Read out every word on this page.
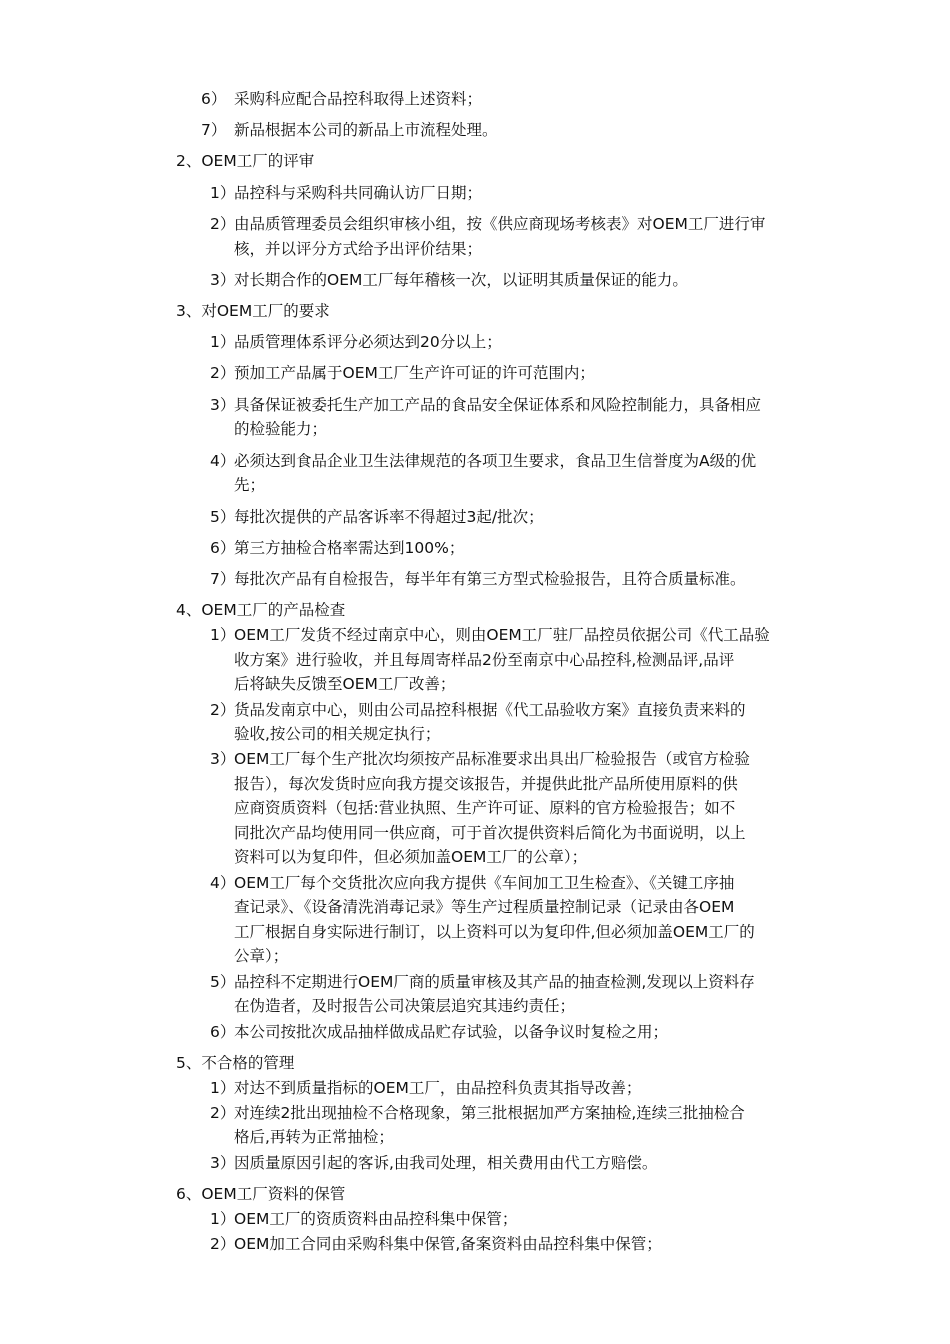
6） 采购科应配合品控科取得上述资料；
7） 新品根据本公司的新品上市流程处理。
2、OEM工厂的评审
1）
品控科与采购科共同确认访厂日期；
2）
由品质管理委员会组织审核小组，按《供应商现场考核表》对OEM工厂进行审
核，并以评分方式给予出评价结果；
3）
对长期合作的OEM工厂每年稽核一次，以证明其质量保证的能力。
3、对OEM工厂的要求
1）
品质管理体系评分必须达到20分以上；
2）
预加工产品属于OEM工厂生产许可证的许可范围内；
3）
具备保证被委托生产加工产品的食品安全保证体系和风险控制能力，具备相应
的检验能力；
4）
必须达到食品企业卫生法律规范的各项卫生要求，食品卫生信誉度为A级的优
先；
5）
每批次提供的产品客诉率不得超过3起/批次；
6）
第三方抽检合格率需达到100%；
7）
每批次产品有自检报告，每半年有第三方型式检验报告，且符合质量标准。
4、OEM工厂的产品检查
1）
OEM工厂发货不经过南京中心，则由OEM工厂驻厂品控员依据公司《代工品验
收方案》进行验收，并且每周寄样品2份至南京中心品控科,检测品评,品评
后将缺失反馈至OEM工厂改善；
2）
货品发南京中心，则由公司品控科根据《代工品验收方案》直接负责来料的
验收,按公司的相关规定执行；
3）
OEM工厂每个生产批次均须按产品标准要求出具出厂检验报告（或官方检验
报告），每次发货时应向我方提交该报告，并提供此批产品所使用原料的供
应商资质资料（包括:营业执照、生产许可证、原料的官方检验报告；如不
同批次产品均使用同一供应商，可于首次提供资料后简化为书面说明，以上
资料可以为复印件，但必须加盖OEM工厂的公章）；
4）
OEM工厂每个交货批次应向我方提供《车间加工卫生检查》、《关键工序抽
查记录》、《设备清洗消毒记录》等生产过程质量控制记录（记录由各OEM
工厂根据自身实际进行制订，以上资料可以为复印件,但必须加盖OEM工厂的
公章）；
5）
品控科不定期进行OEM厂商的质量审核及其产品的抽查检测,发现以上资料存
在伪造者，及时报告公司决策层追究其违约责任；
6）
本公司按批次成品抽样做成品贮存试验，以备争议时复检之用；
5、不合格的管理
1）
对达不到质量指标的OEM工厂，由品控科负责其指导改善；
2）
对连续2批出现抽检不合格现象，第三批根据加严方案抽检,连续三批抽检合
格后,再转为正常抽检；
3）
因质量原因引起的客诉,由我司处理，相关费用由代工方赔偿。
6、OEM工厂资料的保管
1）
OEM工厂的资质资料由品控科集中保管；
2）
OEM加工合同由采购科集中保管,备案资料由品控科集中保管；
